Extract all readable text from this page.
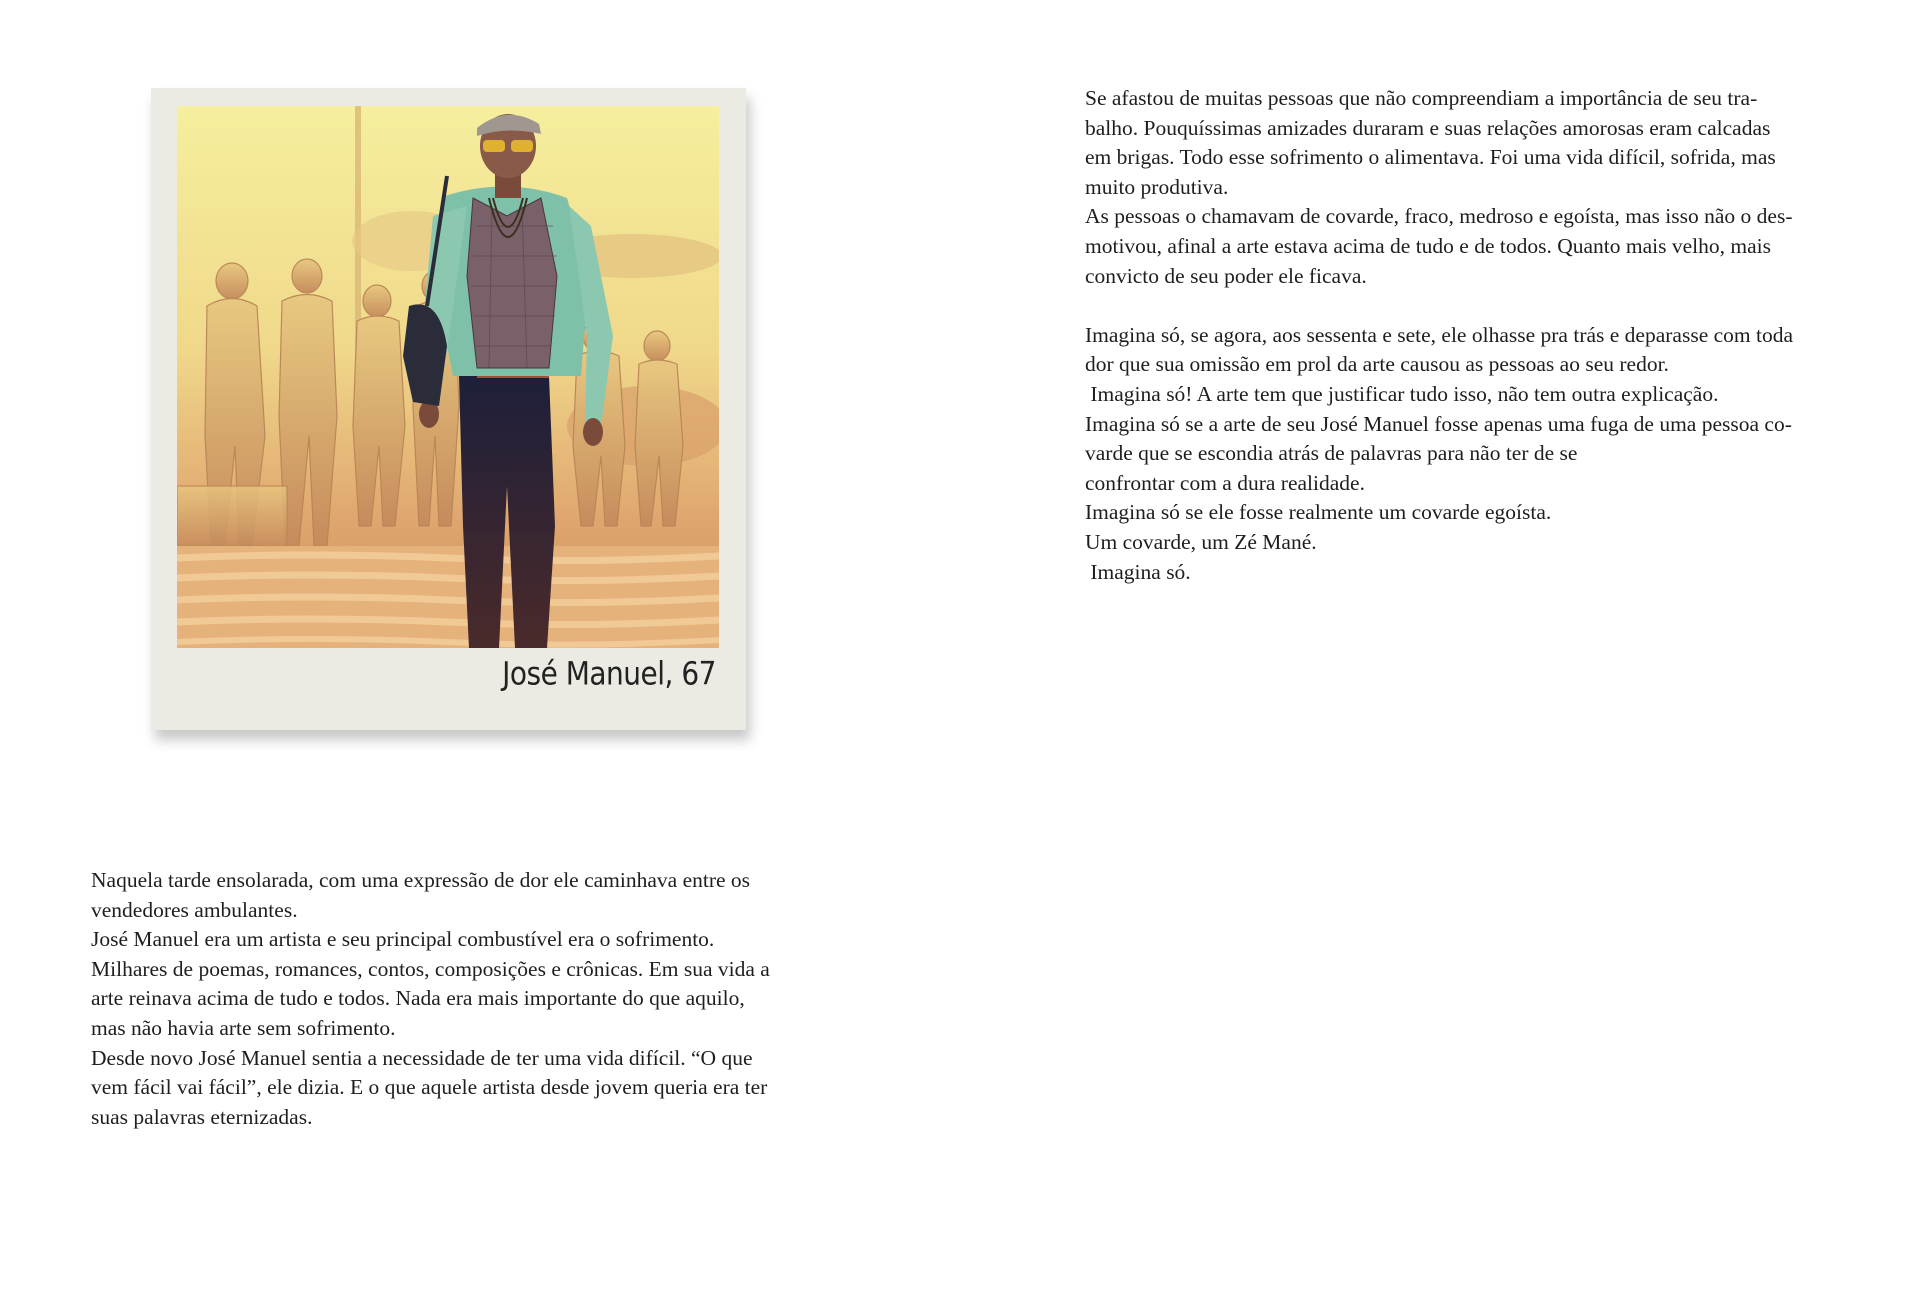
José Manuel, 67
Naquela tarde ensolarada, com uma expressão de dor ele caminhava entre os
vendedores ambulantes.
José Manuel era um artista e seu principal combustível era o sofrimento.
Milhares de poemas, romances, contos, composições e crônicas. Em sua vida a
arte reinava acima de tudo e todos. Nada era mais importante do que aquilo,
mas não havia arte sem sofrimento.
Desde novo José Manuel sentia a necessidade de ter uma vida difícil. “O que
vem fácil vai fácil”, ele dizia. E o que aquele artista desde jovem queria era ter
suas palavras eternizadas.
Se afastou de muitas pessoas que não compreendiam a importância de seu tra-
balho. Pouquíssimas amizades duraram e suas relações amorosas eram calcadas
em brigas. Todo esse sofrimento o alimentava. Foi uma vida difícil, sofrida, mas
muito produtiva.
As pessoas o chamavam de covarde, fraco, medroso e egoísta, mas isso não o des-
motivou, afinal a arte estava acima de tudo e de todos. Quanto mais velho, mais
convicto de seu poder ele ficava.
Imagina só, se agora, aos sessenta e sete, ele olhasse pra trás e deparasse com toda
dor que sua omissão em prol da arte causou as pessoas ao seu redor.
Imagina só! A arte tem que justificar tudo isso, não tem outra explicação.
Imagina só se a arte de seu José Manuel fosse apenas uma fuga de uma pessoa co-
varde que se escondia atrás de palavras para não ter de se
confrontar com a dura realidade.
Imagina só se ele fosse realmente um covarde egoísta.
Um covarde, um Zé Mané.
Imagina só.
